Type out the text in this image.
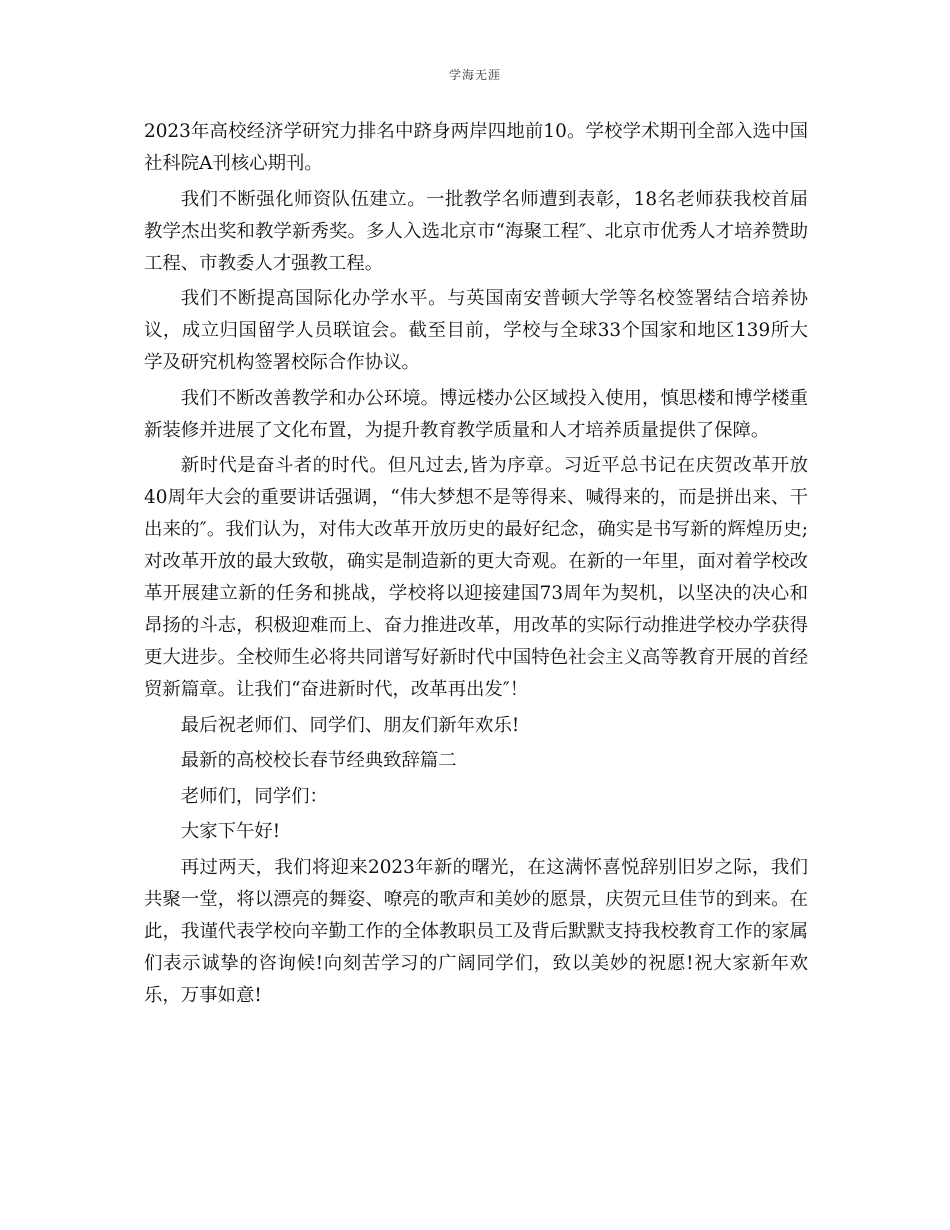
学海无涯

2023年高校经济学研究力排名中跻身两岸四地前10。学校学术期刊全部入选中国社科院A刊核心期刊。

我们不断强化师资队伍建立。一批教学名师遭到表彰，18名老师获我校首届教学杰出奖和教学新秀奖。多人入选北京市“海聚工程″、北京市优秀人才培养赞助工程、市教委人才强教工程。

我们不断提高国际化办学水平。与英国南安普顿大学等名校签署结合培养协议，成立归国留学人员联谊会。截至目前，学校与全球33个国家和地区139所大学及研究机构签署校际合作协议。

我们不断改善教学和办公环境。博远楼办公区域投入使用，慎思楼和博学楼重新装修并进展了文化布置，为提升教育教学质量和人才培养质量提供了保障。

新时代是奋斗者的时代。但凡过去,皆为序章。习近平总书记在庆贺改革开放40周年大会的重要讲话强调，“伟大梦想不是等得来、喊得来的，而是拼出来、干出来的″。我们认为，对伟大改革开放历史的最好纪念，确实是书写新的辉煌历史;对改革开放的最大致敬，确实是制造新的更大奇观。在新的一年里，面对着学校改革开展建立新的任务和挑战，学校将以迎接建国73周年为契机，以坚决的决心和昂扬的斗志，积极迎难而上、奋力推进改革，用改革的实际行动推进学校办学获得更大进步。全校师生必将共同谱写好新时代中国特色社会主义高等教育开展的首经贸新篇章。让我们“奋进新时代，改革再出发″！

最后祝老师们、同学们、朋友们新年欢乐!

最新的高校校长春节经典致辞篇二

老师们，同学们：

大家下午好!

再过两天，我们将迎来2023年新的曙光，在这满怀喜悦辞别旧岁之际，我们共聚一堂，将以漂亮的舞姿、嘹亮的歌声和美妙的愿景，庆贺元旦佳节的到来。在此，我谨代表学校向辛勤工作的全体教职员工及背后默默支持我校教育工作的家属们表示诚挚的咨询候!向刻苦学习的广阔同学们，致以美妙的祝愿!祝大家新年欢乐，万事如意!
